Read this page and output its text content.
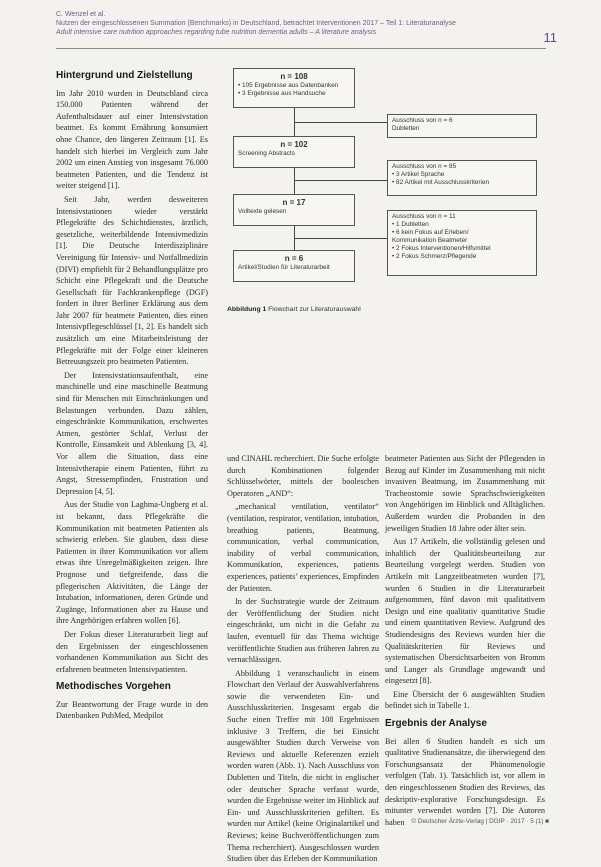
C. Wenzel et al.
Nutzen der eingeschlossenen Summation (Benchmarks) in Deutschland, betrachtet Interventionen 2017 – Teil 1: Literaturanalyse
Adult intensive care nutrition approaches regarding tube nutrition dementia adults – A literature analysis	11
Hintergrund und Zielstellung

Im Jahr 2010 wurden in Deutschland circa 150.000 Patienten während der Aufenthaltsdauer auf einer Intensivstation beatmet. Es kommt Ernährung konsumiert ohne Chance, den längeren Zeitraum [1]. Es handelt sich hierbei im Vergleich zum Jahr 2002 um einen Anstieg von insgesamt 76.000 beatmeten Patienten, und die Tendenz ist weiter steigend [1].

Seit Jahr, werden desweiteren Intensivstationen wieder verstärkt Pflegekräfte des Schichtdienstes, ärztlich, gesetzliche, weiterbildende Intensivmedizin [1]. Die Deutsche Interdisziplinäre Vereinigung für Intensiv- und Notfallmedizin (DIVI) empfiehlt für 2 Behandlungsplätze pro Schicht eine Pflegekraft und die Deutsche Gesellschaft für Fachkrankenpflege (DGF) fordert in ihrer Berliner Erklärung aus dem Jahr 2007 für beatmete Patienten, dies einen Intensivpflegeschlüssel [1, 2]. Es handelt sich zusätzlich um eine Mitarbeitsleistung der Pflegekräfte mit der Folge einer kleineren Betreuungszeit pro beatmeten Patienten.

Der Intensivstationsaufenthalt, eine maschinelle und eine maschinelle Beatmung sind für Menschen mit Einschränkungen und Belastungen verbunden. Dazu zählen, eingeschränkte Kommunikation, erschwertes Atmen, gestörter Schlaf, Verlust der Kontrolle, Einsamkeit und Ablenkung [3, 4]. Vor allem die Situation, dass eine Intensivtherapie einem Patienten, führt zu Angst, Stressempfinden, Frustration und Depression [4, 5].

Aus der Studie von Laghma-Ungberg et al. ist bekannt, dass Pflegekräfte die Kommunikation mit beatmeten Patienten als schwierig erleben. Sie glauben, dass diese Patienten in ihrer Kommunikation vor allem etwas ihre Unregelmäßigkeiten zeigen. Ihre Prognose und tiefgreifende, dass die pflegerischen Aktivitäten, die Länge der Intubation, informationen, deren Gründe und Zugänge, Informationen aber zu Hause und ihre Angehörigen erfahren wollen [6].

Der Fokus dieser Literaturarbeit liegt auf den Ergebnissen der eingeschlossenen vorhandenen Kommunikation aus Sicht des erfahrenen beatmeten Intensivpatienten.

Methodisches Vorgehen

Zur Beantwortung der Frage wurde in den Datenbanken PubMed, Medpilot

n = 108
• 105 Ergebnisse aus Datenbanken
• 3 Ergebnisse aus Handsuche
n = 102
Screening Abstracts
n = 17
Volltexte gelesen
n = 6
Artikel/Studien für Literaturarbeit
Ausschluss von n = 6
Dubletten
Ausschluss von n = 85
• 3 Artikel Sprache
• 82 Artikel mit Ausschlusskriterien
Ausschluss von n = 11
• 1 Dubletten
• 6 kein Fokus auf Erleben/
Kommunikation Beatmeter
• 2 Fokus Interventionen/Hilfsmittel
• 2 Fokus Schmerz/Pflegende
Abbildung 1 Flowchart zur Literaturauswahl

und CINAHL recherchiert. Die Suche erfolgte durch Kombinationen folgender Schlüsselwörter, mittels der booleschen Operatoren „AND“:

„mechanical ventilation, ventilator“ (ventilation, respirator, ventilation, intubation, breathing patients, Beatmung, communication, verbal communication, inability of verbal communication, Kommunikation, experiences, patients experiences, patients’ experiences, Empfinden der Patienten.

In der Suchstrategie wurde der Zeitraum der Veröffentlichung der Studien nicht eingeschränkt, um nicht in die Gefahr zu laufen, eventuell für das Thema wichtige veröffentlichte Studien aus früheren Jahren zu vernachlässigen.

Abbildung 1 veranschaulicht in einem Flowchart den Verlauf der Auswahlverfahrens sowie die verwendeten Ein- und Ausschlusskriterien. Insgesamt ergab die Suche einen Treffer mit 108 Ergebnissen inklusive 3 Treffern, die bei Einsicht ausgewählter Studien durch Verweise von Reviews und aktuelle Referenzen erzielt worden waren (Abb. 1). Nach Ausschluss von Dubletten und Titeln, die nicht in englischer oder deutscher Sprache verfasst wurde, wurden die Ergebnisse weiter im Hinblick auf Ein- und Ausschlusskriterien gefiltert. Es wurden nur Artikel (keine Originalartikel und Reviews; keine Buchveröffentlichungen zum Thema recherchiert). Ausgeschlossen wurden Studien über das Erleben der Kommunikation

beatmeter Patienten aus Sicht der Pflegenden in Bezug auf Kinder im Zusammenhang mit nicht invasiven Beatmung, im Zusammenhang mit Tracheostomie sowie Sprachschwierigkeiten von Angehörigen im Hinblick und Alltäglichen. Außerdem wurden die Probanden in den jeweiligen Studien 18 Jahre oder älter sein.

Aus 17 Artikeln, die vollständig gelesen und inhaltlich der Qualitätsbeurteilung zur Beurteilung vorgelegt werden. Studien von Artikeln mit Langzeitbeatmeten wurden [7], wurden 6 Studien in die Literaturarbeit aufgenommen, fünf davon mit qualitativem Design und eine qualitativ quantitative Studie und einem quantitativen Review. Aufgrund des Studiendesigns des Reviews wurden hier die Qualitätskriterien für Reviews und systematischen Übersichtsarbeiten von Bromm und Langer als Grundlage angewandt und eingesetzt [8].

Eine Übersicht der 6 ausgewählten Studien befindet sich in Tabelle 1.

Ergebnis der Analyse

Bei allen 6 Studien handelt es sich um qualitative Studienansätze, die überwiegend den Forschungsansatz der Phänomenologie verfolgen (Tab. 1). Tatsächlich ist, vor allem in den eingeschlossenen Studien des Reviews, das deskriptiv-explorative Forschungsdesign. Es mitunter verwendet worden [7]. Die Autoren haben	© Deutscher Ärzte-Verlag | DGIP · 2017 · 5 (1) ■
